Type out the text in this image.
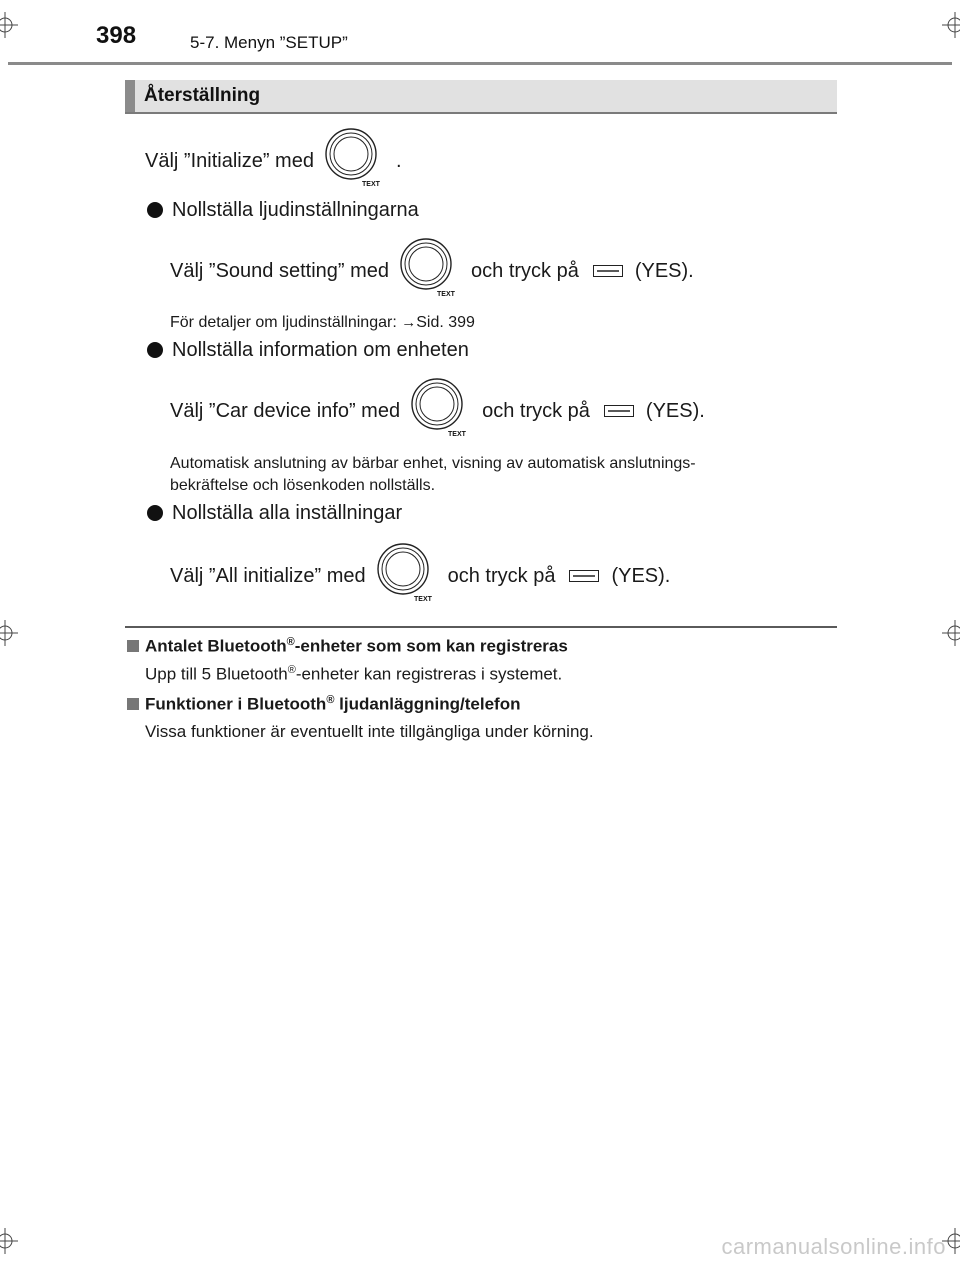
398	5-7. Menyn ”SETUP”
Återställning
Välj ”Initialize” med
TEXT
.
Nollställa ljudinställningarna
Välj ”Sound setting” med
TEXT
och tryck på	(YES).
För detaljer om ljudinställningar: →Sid. 399
Nollställa information om enheten
Välj ”Car device info” med
TEXT
och tryck på	(YES).
Automatisk anslutning av bärbar enhet, visning av automatisk anslutnings-
bekräftelse och lösenkoden nollställs.
Nollställa alla inställningar
Välj ”All initialize” med
TEXT
och tryck på	(YES).
Antalet Bluetooth®-enheter som som kan registreras
Upp till 5 Bluetooth®-enheter kan registreras i systemet.
Funktioner i Bluetooth® ljudanläggning/telefon
Vissa funktioner är eventuellt inte tillgängliga under körning.
carmanualsonline.info
